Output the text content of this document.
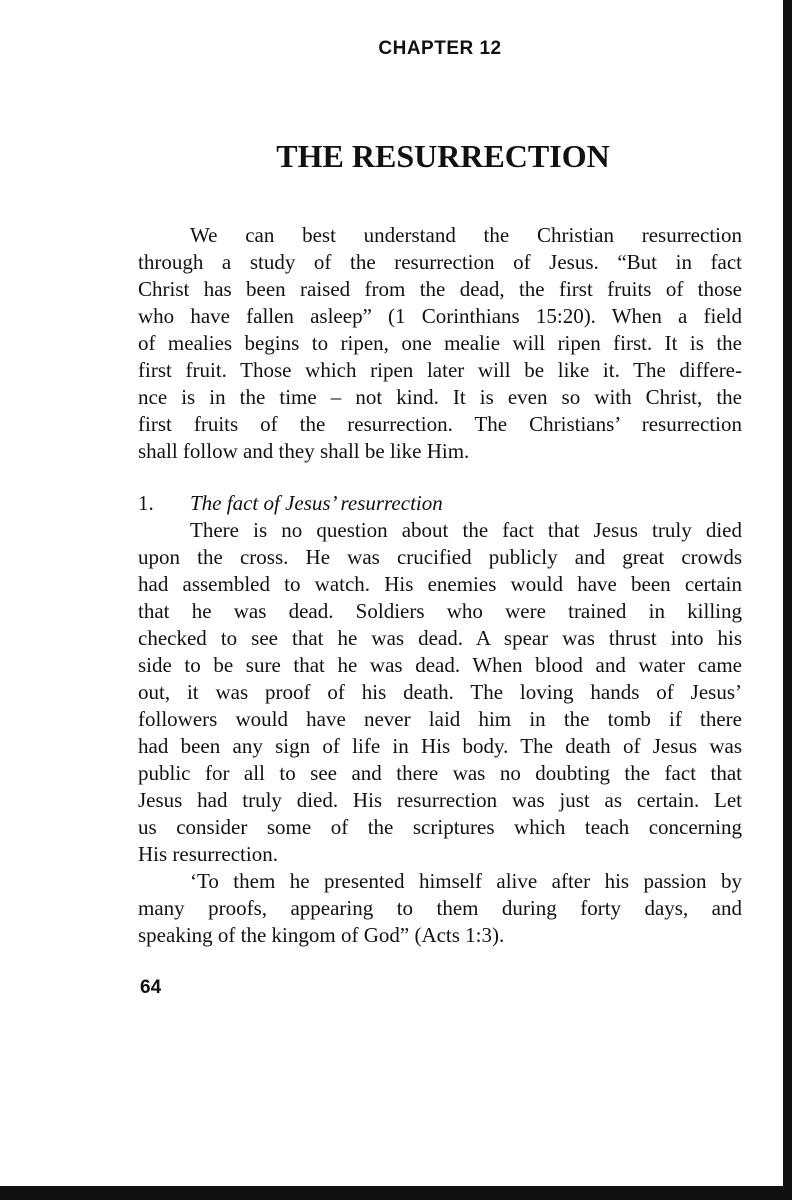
CHAPTER 12
THE RESURRECTION
We can best understand the Christian resurrection
through a study of the resurrection of Jesus. “But in fact
Christ has been raised from the dead, the first fruits of those
who have fallen asleep” (1 Corinthians 15:20). When a field
of mealies begins to ripen, one mealie will ripen first. It is the
first fruit. Those which ripen later will be like it. The differe-
nce is in the time – not kind. It is even so with Christ, the
first fruits of the resurrection. The Christians’ resurrection
shall follow and they shall be like Him.
1. The fact of Jesus’ resurrection
There is no question about the fact that Jesus truly died
upon the cross. He was crucified publicly and great crowds
had assembled to watch. His enemies would have been certain
that he was dead. Soldiers who were trained in killing
checked to see that he was dead. A spear was thrust into his
side to be sure that he was dead. When blood and water came
out, it was proof of his death. The loving hands of Jesus’
followers would have never laid him in the tomb if there
had been any sign of life in His body. The death of Jesus was
public for all to see and there was no doubting the fact that
Jesus had truly died. His resurrection was just as certain. Let
us consider some of the scriptures which teach concerning
His resurrection.
‘To them he presented himself alive after his passion by
many proofs, appearing to them during forty days, and
speaking of the kingom of God” (Acts 1:3).
64
